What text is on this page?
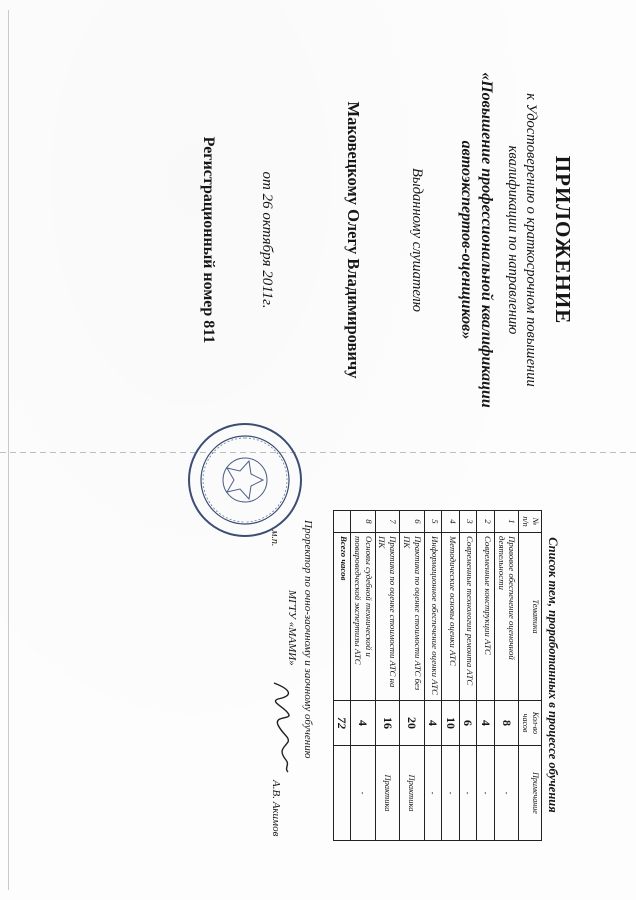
ПРИЛОЖЕНИЕ
к Удостоверению о краткосрочном повышении
квалификации по направлению
«Повышение профессиональной квалификации
автоэкспертов-оценщиков»
Выданному слушателю
Маковецкому Олегу Владимировичу
от 26 октября 2011г.
Регистрационный номер 811
Список тем, проработанных в процессе обучения
№ п/п	Тематика	Кол-во часов	Примечание
1	Правовое обеспечение оценочной деятельности	8	-
2	Современные конструкции АТС	4	-
3	Современные технологии ремонта АТС	6	-
4	Методические основы оценки АТС	10	-
5	Информационное обеспечение оценки АТС	4	-
6	Практика по оценке стоимости АТС без ПК	20	Практика
7	Практика по оценке стоимости АТС на ПК	16	Практика
8	Основы судебной технической и товароведческой экспертизы АТС	4	-
	Всего часов	72	
Проректор по очно-заочному и заочному обучению
МГТУ «МАМИ»
м.п.
А.В. Акимов
